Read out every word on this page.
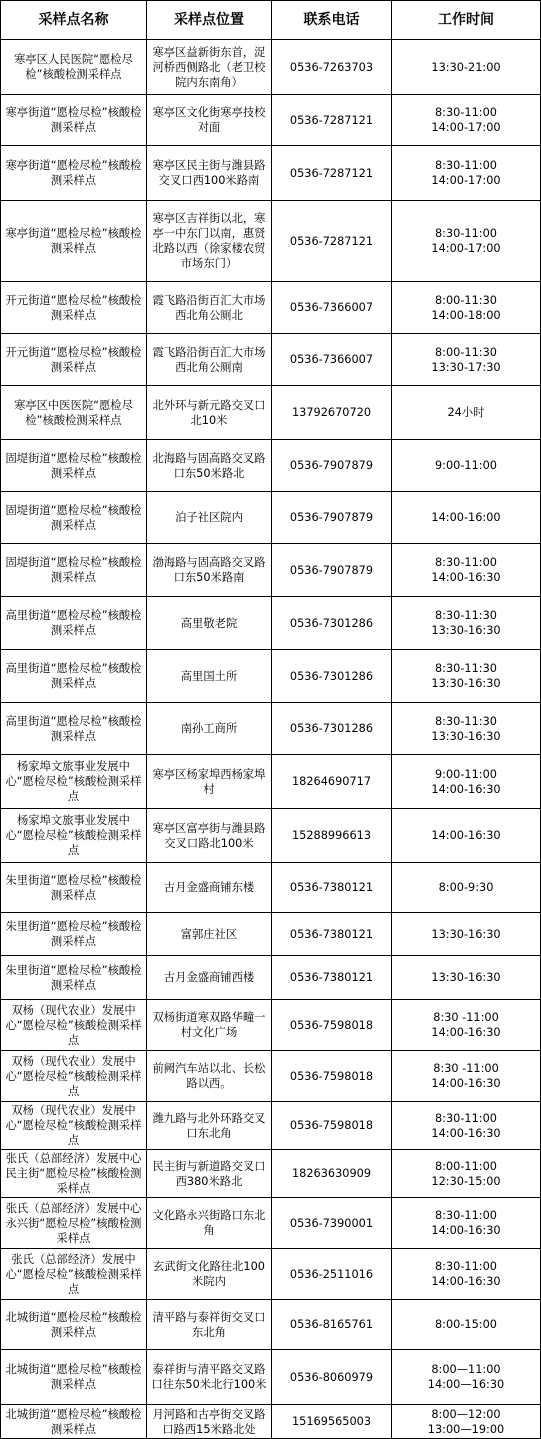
采样点名称	采样点位置	联系电话	工作时间
寒亭区人民医院“愿检尽检”核酸检测采样点	寒亭区益新街东首，浞河桥西侧路北（老卫校院内东南角）	0536-7263703	13:30-21:00

寒亭街道“愿检尽检”核酸检测采样点	寒亭区文化街寒亭技校对面	0536-7287121	8:30-11:00
14:00-17:00

寒亭街道“愿检尽检”核酸检测采样点	寒亭区民主街与潍县路交叉口西100米路南	0536-7287121	8:30-11:00
14:00-17:00

寒亭街道“愿检尽检”核酸检测采样点	寒亭区吉祥街以北，寒亭一中东门以南，惠贤北路以西（徐家楼农贸市场东门）	0536-7287121	8:30-11:00
14:00-17:00

开元街道“愿检尽检”核酸检测采样点	霞飞路沿街百汇大市场西北角公厕北	0536-7366007	8:00-11:30
14:00-18:00

开元街道“愿检尽检”核酸检测采样点	霞飞路沿街百汇大市场西北角公厕南	0536-7366007	8:00-11:30
13:30-17:30

寒亭区中医医院“愿检尽检”核酸检测采样点	北外环与新元路交叉口北10米	13792670720	24小时

固堤街道“愿检尽检”核酸检测采样点	北海路与固高路交叉路口东50米路北	0536-7907879	9:00-11:00

固堤街道“愿检尽检”核酸检测采样点	泊子社区院内	0536-7907879	14:00-16:00

固堤街道“愿检尽检”核酸检测采样点	渤海路与固高路交叉路口东50米路南	0536-7907879	8:30-11:00
14:00-16:30

高里街道“愿检尽检”核酸检测采样点	高里敬老院	0536-7301286	8:30-11:30
13:30-16:30

高里街道“愿检尽检”核酸检测采样点	高里国土所	0536-7301286	8:30-11:30
13:30-16:30

高里街道“愿检尽检”核酸检测采样点	南孙工商所	0536-7301286	8:30-11:30
13:30-16:30

杨家埠文旅事业发展中心“愿检尽检”核酸检测采样点	寒亭区杨家埠西杨家埠村	18264690717	9:00-11:00
14:00-16:30

杨家埠文旅事业发展中心“愿检尽检”核酸检测采样点	寒亭区富亭街与潍县路交叉口路北100米	15288996613	14:00-16:30

朱里街道“愿检尽检”核酸检测采样点	古月金盛商铺东楼	0536-7380121	8:00-9:30

朱里街道“愿检尽检”核酸检测采样点	富郭庄社区	0536-7380121	13:30-16:30

朱里街道“愿检尽检”核酸检测采样点	古月金盛商铺西楼	0536-7380121	13:30-16:30

双杨（现代农业）发展中心“愿检尽检”核酸检测采样点	双杨街道寒双路华疃一村文化广场	0536-7598018	8:30 -11:00
14:00-16:30

双杨（现代农业）发展中心“愿检尽检”核酸检测采样点	前阙汽车站以北、长松路以西。	0536-7598018	8:30 -11:00
14:00-16:30

双杨（现代农业）发展中心“愿检尽检”核酸检测采样点	潍九路与北外环路交叉口东北角	0536-7598018	8:30-11:00
14:00-16:30

张氏（总部经济）发展中心民主街“愿检尽检”核酸检测采样点	民主街与新道路交叉口西380米路北	18263630909	8:00-11:00
12:30-15:00

张氏（总部经济）发展中心永兴街“愿检尽检”核酸检测采样点	文化路永兴街路口东北角	0536-7390001	8:30-11:00
14:00-16:30

张氏（总部经济）发展中心“愿检尽检”核酸检测采样点	玄武街文化路往北100米院内	0536-2511016	8:30-11:00
14:00-16:30

北城街道“愿检尽检”核酸检测采样点	清平路与泰祥街交叉口东北角	0536-8165761	8:00-15:00

北城街道“愿检尽检”核酸检测采样点	泰祥街与清平路交叉路口往东50米北行100米	0536-8060979	8:00—11:00
14:00—16:30

北城街道“愿检尽检”核酸检测采样点	月河路和古亭街交叉路口路西15米路北处	15169565003	8:00—12:00
13:00—19:00
